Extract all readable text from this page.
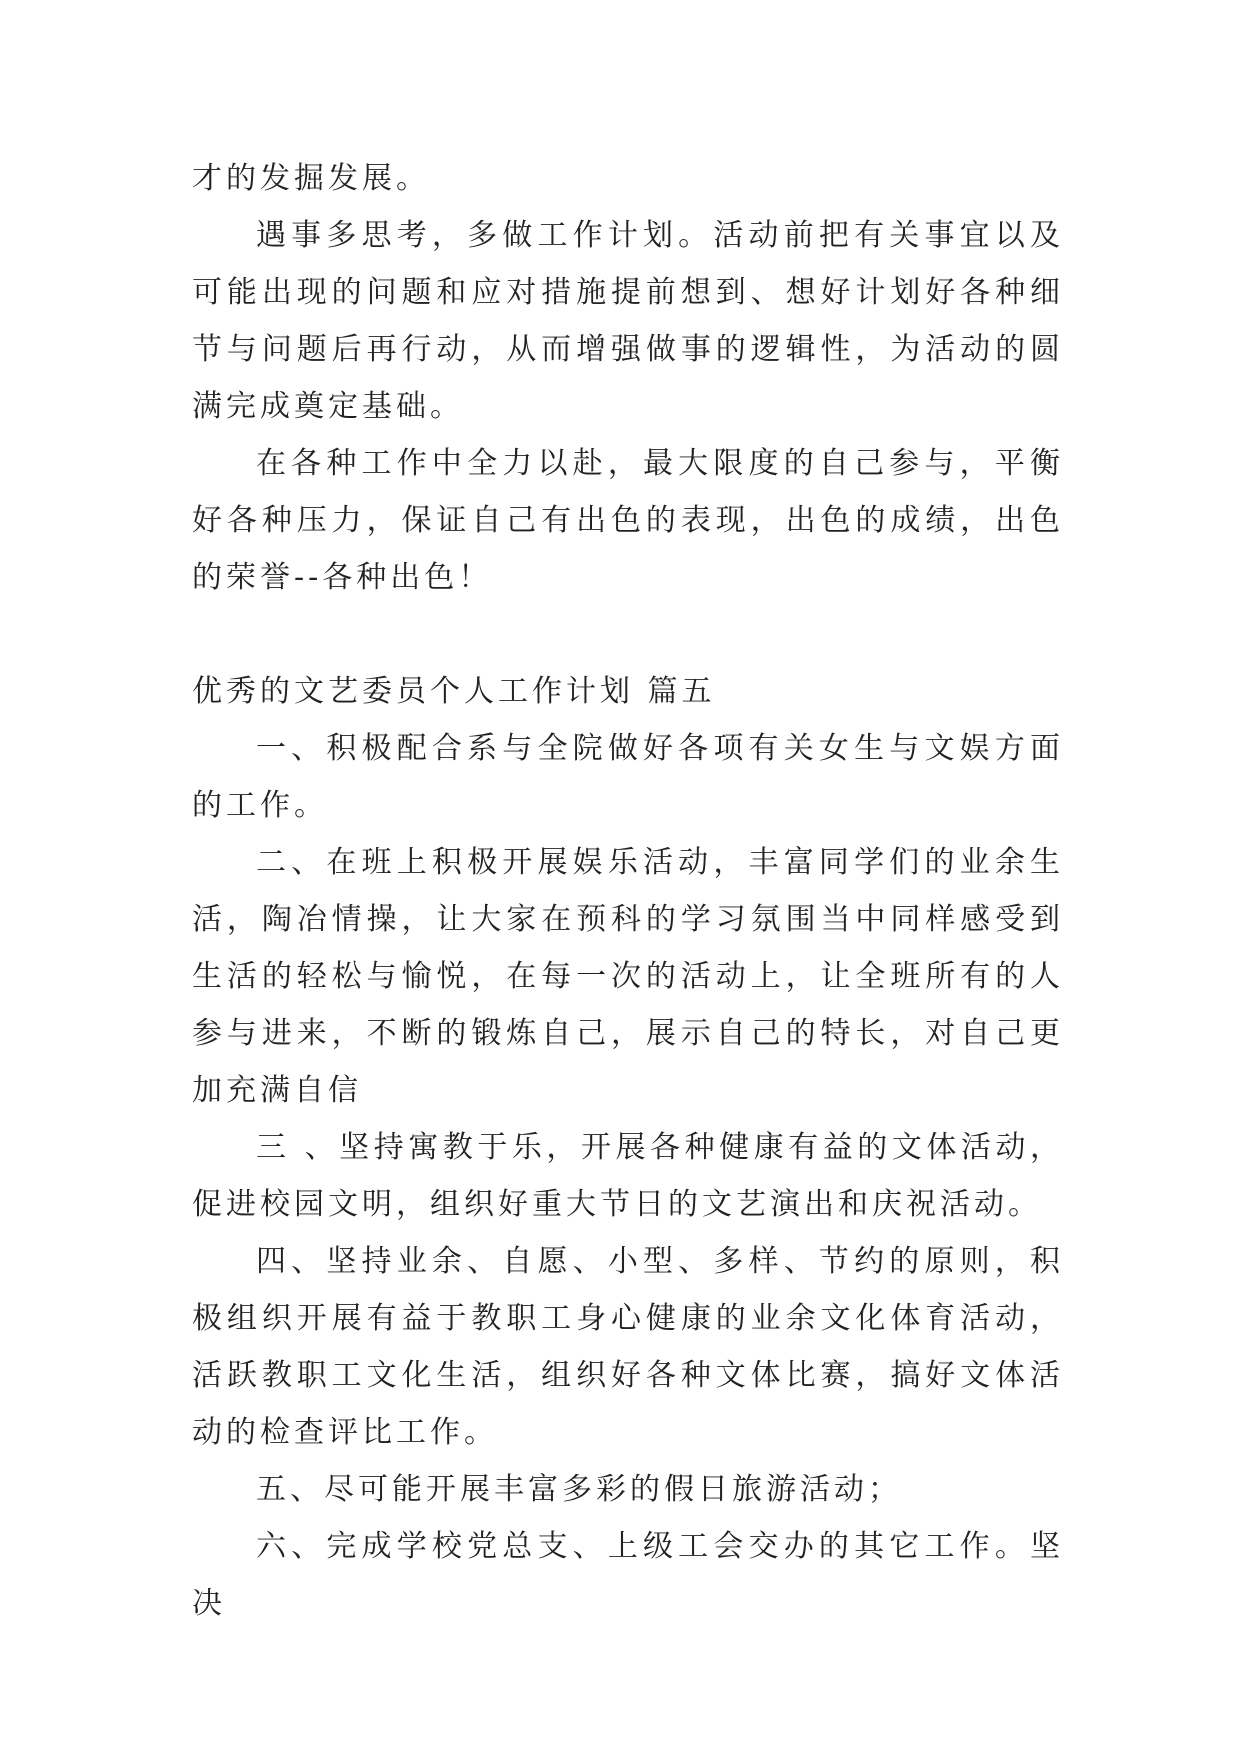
才的发掘发展。

遇事多思考，多做工作计划。活动前把有关事宜以及可能出现的问题和应对措施提前想到、想好计划好各种细节与问题后再行动，从而增强做事的逻辑性，为活动的圆满完成奠定基础。

在各种工作中全力以赴，最大限度的自己参与，平衡好各种压力，保证自己有出色的表现，出色的成绩，出色的荣誉--各种出色！

优秀的文艺委员个人工作计划 篇五

一、积极配合系与全院做好各项有关女生与文娱方面的工作。

二、在班上积极开展娱乐活动，丰富同学们的业余生活，陶冶情操，让大家在预科的学习氛围当中同样感受到生活的轻松与愉悦，在每一次的活动上，让全班所有的人参与进来，不断的锻炼自己，展示自己的特长，对自己更加充满自信

三 、坚持寓教于乐，开展各种健康有益的文体活动，促进校园文明，组织好重大节日的文艺演出和庆祝活动。

四、坚持业余、自愿、小型、多样、节约的原则，积极组织开展有益于教职工身心健康的业余文化体育活动，活跃教职工文化生活，组织好各种文体比赛，搞好文体活动的检查评比工作。

五、尽可能开展丰富多彩的假日旅游活动；

六、完成学校党总支、上级工会交办的其它工作。坚决
